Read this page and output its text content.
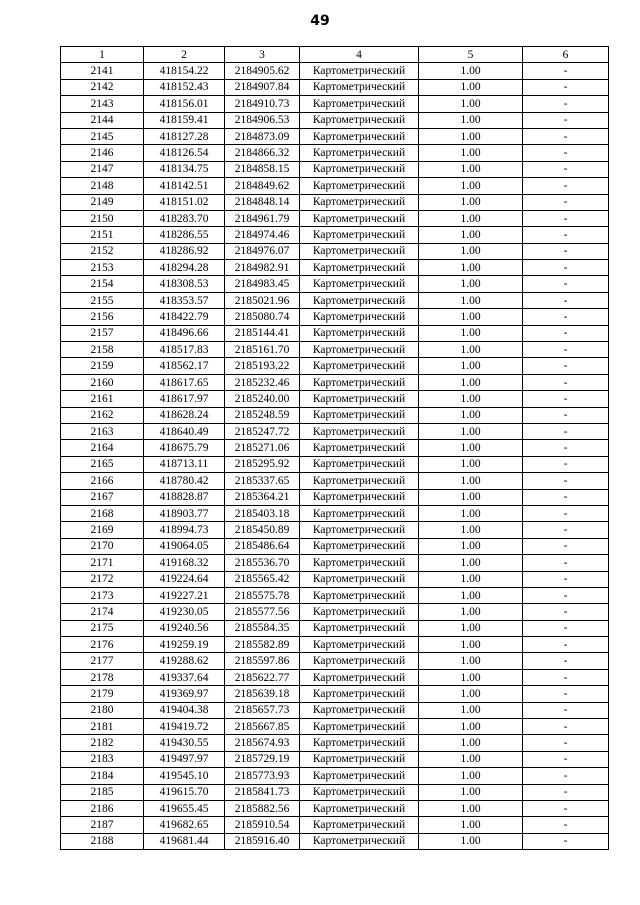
49
1	2	3	4	5	6
2141	418154.22	2184905.62	Картометрический	1.00	-
2142	418152.43	2184907.84	Картометрический	1.00	-
2143	418156.01	2184910.73	Картометрический	1.00	-
2144	418159.41	2184906.53	Картометрический	1.00	-
2145	418127.28	2184873.09	Картометрический	1.00	-
2146	418126.54	2184866.32	Картометрический	1.00	-
2147	418134.75	2184858.15	Картометрический	1.00	-
2148	418142.51	2184849.62	Картометрический	1.00	-
2149	418151.02	2184848.14	Картометрический	1.00	-
2150	418283.70	2184961.79	Картометрический	1.00	-
2151	418286.55	2184974.46	Картометрический	1.00	-
2152	418286.92	2184976.07	Картометрический	1.00	-
2153	418294.28	2184982.91	Картометрический	1.00	-
2154	418308.53	2184983.45	Картометрический	1.00	-
2155	418353.57	2185021.96	Картометрический	1.00	-
2156	418422.79	2185080.74	Картометрический	1.00	-
2157	418496.66	2185144.41	Картометрический	1.00	-
2158	418517.83	2185161.70	Картометрический	1.00	-
2159	418562.17	2185193.22	Картометрический	1.00	-
2160	418617.65	2185232.46	Картометрический	1.00	-
2161	418617.97	2185240.00	Картометрический	1.00	-
2162	418628.24	2185248.59	Картометрический	1.00	-
2163	418640.49	2185247.72	Картометрический	1.00	-
2164	418675.79	2185271.06	Картометрический	1.00	-
2165	418713.11	2185295.92	Картометрический	1.00	-
2166	418780.42	2185337.65	Картометрический	1.00	-
2167	418828.87	2185364.21	Картометрический	1.00	-
2168	418903.77	2185403.18	Картометрический	1.00	-
2169	418994.73	2185450.89	Картометрический	1.00	-
2170	419064.05	2185486.64	Картометрический	1.00	-
2171	419168.32	2185536.70	Картометрический	1.00	-
2172	419224.64	2185565.42	Картометрический	1.00	-
2173	419227.21	2185575.78	Картометрический	1.00	-
2174	419230.05	2185577.56	Картометрический	1.00	-
2175	419240.56	2185584.35	Картометрический	1.00	-
2176	419259.19	2185582.89	Картометрический	1.00	-
2177	419288.62	2185597.86	Картометрический	1.00	-
2178	419337.64	2185622.77	Картометрический	1.00	-
2179	419369.97	2185639.18	Картометрический	1.00	-
2180	419404.38	2185657.73	Картометрический	1.00	-
2181	419419.72	2185667.85	Картометрический	1.00	-
2182	419430.55	2185674.93	Картометрический	1.00	-
2183	419497.97	2185729.19	Картометрический	1.00	-
2184	419545.10	2185773.93	Картометрический	1.00	-
2185	419615.70	2185841.73	Картометрический	1.00	-
2186	419655.45	2185882.56	Картометрический	1.00	-
2187	419682.65	2185910.54	Картометрический	1.00	-
2188	419681.44	2185916.40	Картометрический	1.00	-
